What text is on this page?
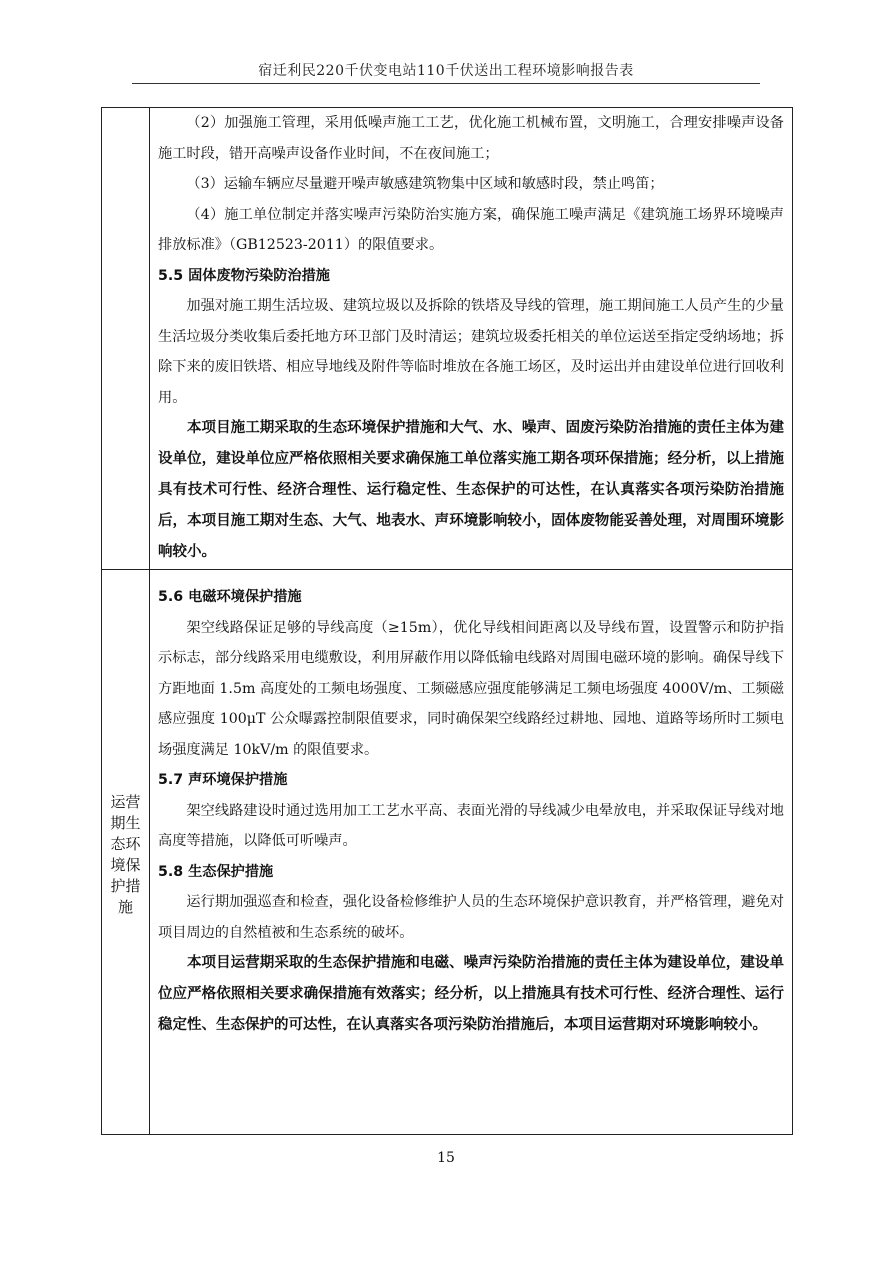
宿迁利民220千伏变电站110千伏送出工程环境影响报告表

（2）加强施工管理，采用低噪声施工工艺，优化施工机械布置，文明施工，合理安排噪声设备施工时段，错开高噪声设备作业时间，不在夜间施工；

（3）运输车辆应尽量避开噪声敏感建筑物集中区域和敏感时段，禁止鸣笛；

（4）施工单位制定并落实噪声污染防治实施方案，确保施工噪声满足《建筑施工场界环境噪声排放标准》（GB12523-2011）的限值要求。

5.5 固体废物污染防治措施

加强对施工期生活垃圾、建筑垃圾以及拆除的铁塔及导线的管理，施工期间施工人员产生的少量生活垃圾分类收集后委托地方环卫部门及时清运；建筑垃圾委托相关的单位运送至指定受纳场地；拆除下来的废旧铁塔、相应导地线及附件等临时堆放在各施工场区，及时运出并由建设单位进行回收利用。

本项目施工期采取的生态环境保护措施和大气、水、噪声、固废污染防治措施的责任主体为建设单位，建设单位应严格依照相关要求确保施工单位落实施工期各项环保措施；经分析，以上措施具有技术可行性、经济合理性、运行稳定性、生态保护的可达性，在认真落实各项污染防治措施后，本项目施工期对生态、大气、地表水、声环境影响较小，固体废物能妥善处理，对周围环境影响较小。

运营
期生
态环
境保
护措
施

5.6 电磁环境保护措施

架空线路保证足够的导线高度（≥15m），优化导线相间距离以及导线布置，设置警示和防护指示标志，部分线路采用电缆敷设，利用屏蔽作用以降低输电线路对周围电磁环境的影响。确保导线下方距地面 1.5m 高度处的工频电场强度、工频磁感应强度能够满足工频电场强度 4000V/m、工频磁感应强度 100μT 公众曝露控制限值要求，同时确保架空线路经过耕地、园地、道路等场所时工频电场强度满足 10kV/m 的限值要求。

5.7 声环境保护措施

架空线路建设时通过选用加工工艺水平高、表面光滑的导线减少电晕放电，并采取保证导线对地高度等措施，以降低可听噪声。

5.8 生态保护措施

运行期加强巡查和检查，强化设备检修维护人员的生态环境保护意识教育，并严格管理，避免对项目周边的自然植被和生态系统的破坏。

本项目运营期采取的生态保护措施和电磁、噪声污染防治措施的责任主体为建设单位，建设单位应严格依照相关要求确保措施有效落实；经分析，以上措施具有技术可行性、经济合理性、运行稳定性、生态保护的可达性，在认真落实各项污染防治措施后，本项目运营期对环境影响较小。

15
